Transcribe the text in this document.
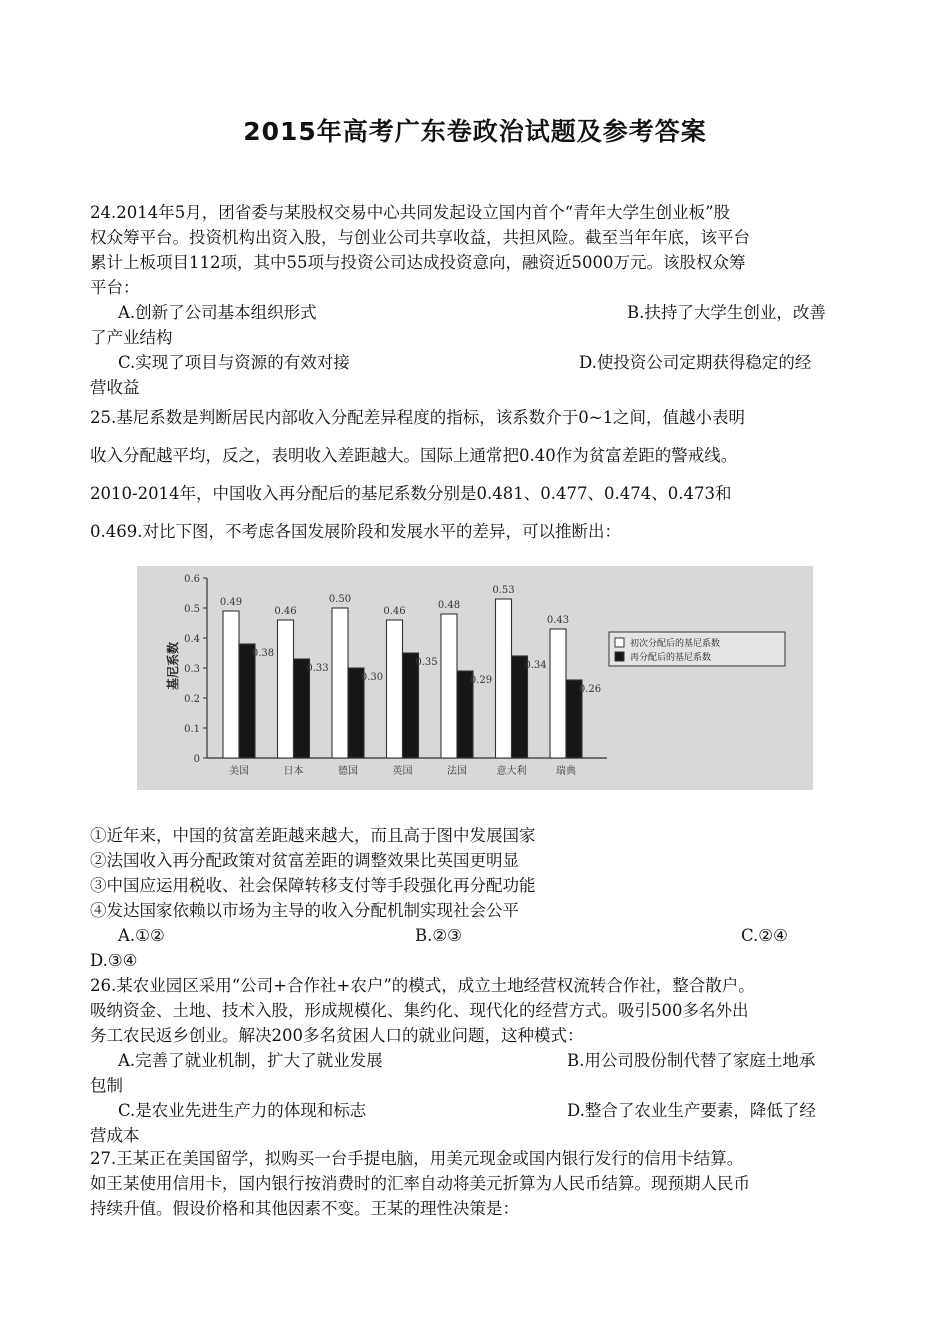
2015年高考广东卷政治试题及参考答案
24.2014年5月，团省委与某股权交易中心共同发起设立国内首个“青年大学生创业板”股
权众筹平台。投资机构出资入股，与创业公司共享收益，共担风险。截至当年年底，该平台
累计上板项目112项，其中55项与投资公司达成投资意向，融资近5000万元。该股权众筹
平台：
A.创新了公司基本组织形式	B.扶持了大学生创业，改善
了产业结构
C.实现了项目与资源的有效对接	D.使投资公司定期获得稳定的经
营收益
25.基尼系数是判断居民内部收入分配差异程度的指标，该系数介于0~1之间，值越小表明
收入分配越平均，反之，表明收入差距越大。国际上通常把0.40作为贫富差距的警戒线。
2010-2014年，中国收入再分配后的基尼系数分别是0.481、0.477、0.474、0.473和
0.469.对比下图，不考虑各国发展阶段和发展水平的差异，可以推断出：
基尼系数
0
0.1
0.2
0.3
0.4
0.5
0.6
0.49
0.38
美国
0.46
0.33
日本
0.50
0.30
德国
0.46
0.35
英国
0.48
0.29
法国
0.53
0.34
意大利
0.43
0.26
瑞典
初次分配后的基尼系数
再分配后的基尼系数
①近年来，中国的贫富差距越来越大，而且高于图中发展国家
②法国收入再分配政策对贫富差距的调整效果比英国更明显
③中国应运用税收、社会保障转移支付等手段强化再分配功能
④发达国家依赖以市场为主导的收入分配机制实现社会公平
A.①②	B.②③	C.②④
D.③④
26.某农业园区采用“公司+合作社+农户”的模式，成立土地经营权流转合作社，整合散户。
吸纳资金、土地、技术入股，形成规模化、集约化、现代化的经营方式。吸引500多名外出
务工农民返乡创业。解决200多名贫困人口的就业问题，这种模式：
A.完善了就业机制，扩大了就业发展	B.用公司股份制代替了家庭土地承
包制
C.是农业先进生产力的体现和标志	D.整合了农业生产要素，降低了经
营成本
27.王某正在美国留学，拟购买一台手提电脑，用美元现金或国内银行发行的信用卡结算。
如王某使用信用卡，国内银行按消费时的汇率自动将美元折算为人民币结算。现预期人民币
持续升值。假设价格和其他因素不变。王某的理性决策是：
